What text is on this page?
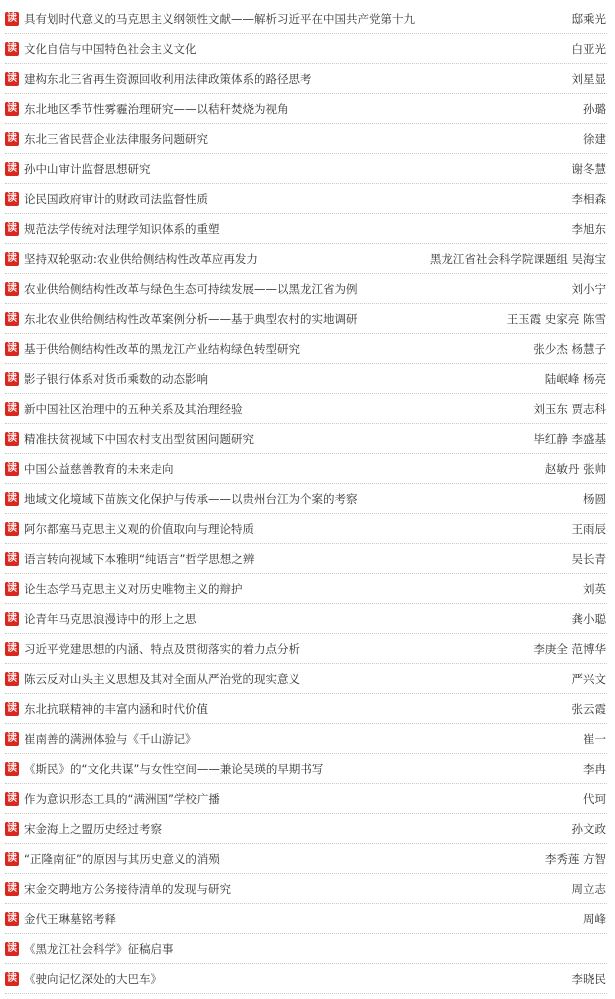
读 具有划时代意义的马克思主义纲领性文献——解析习近平在中国共产党第十九	邸乘光
读 文化自信与中国特色社会主义文化	白亚光
读 建构东北三省再生资源回收利用法律政策体系的路径思考	刘星显
读 东北地区季节性雾霾治理研究——以秸秆焚烧为视角	孙璐
读 东北三省民营企业法律服务问题研究	徐建
读 孙中山审计监督思想研究	谢冬慧
读 论民国政府审计的财政司法监督性质	李相森
读 规范法学传统对法理学知识体系的重塑	李旭东
读 坚持双轮驱动:农业供给侧结构性改革应再发力	黑龙江省社会科学院课题组 吴海宝
读 农业供给侧结构性改革与绿色生态可持续发展——以黑龙江省为例	刘小宁
读 东北农业供给侧结构性改革案例分析——基于典型农村的实地调研	王玉霞 史家亮 陈雪
读 基于供给侧结构性改革的黑龙江产业结构绿色转型研究	张少杰 杨慧子
读 影子银行体系对货币乘数的动态影响	陆岷峰 杨亮
读 新中国社区治理中的五种关系及其治理经验	刘玉东 贾志科
读 精准扶贫视域下中国农村支出型贫困问题研究	毕红静 李盛基
读 中国公益慈善教育的未来走向	赵敏丹 张帅
读 地域文化境域下苗族文化保护与传承——以贵州台江为个案的考察	杨圆
读 阿尔都塞马克思主义观的价值取向与理论特质	王雨辰
读 语言转向视域下本雅明“纯语言”哲学思想之辨	吴长青
读 论生态学马克思主义对历史唯物主义的辩护	刘英
读 论青年马克思浪漫诗中的形上之思	龚小聪
读 习近平党建思想的内涵、特点及贯彻落实的着力点分析	李庚全 范博华
读 陈云反对山头主义思想及其对全面从严治党的现实意义	严兴文
读 东北抗联精神的丰富内涵和时代价值	张云霞
读 崔南善的满洲体验与《千山游记》	崔一
读 《斯民》的“文化共谋”与女性空间——兼论吴瑛的早期书写	李冉
读 作为意识形态工具的“满洲国”学校广播	代珂
读 宋金海上之盟历史经过考察	孙文政
读 “正隆南征”的原因与其历史意义的消殒	李秀莲 方智
读 宋金交聘地方公务接待清单的发现与研究	周立志
读 金代王琳墓铭考释	周峰
读 《黑龙江社会科学》征稿启事
读 《驶向记忆深处的大巴车》	李晓民
